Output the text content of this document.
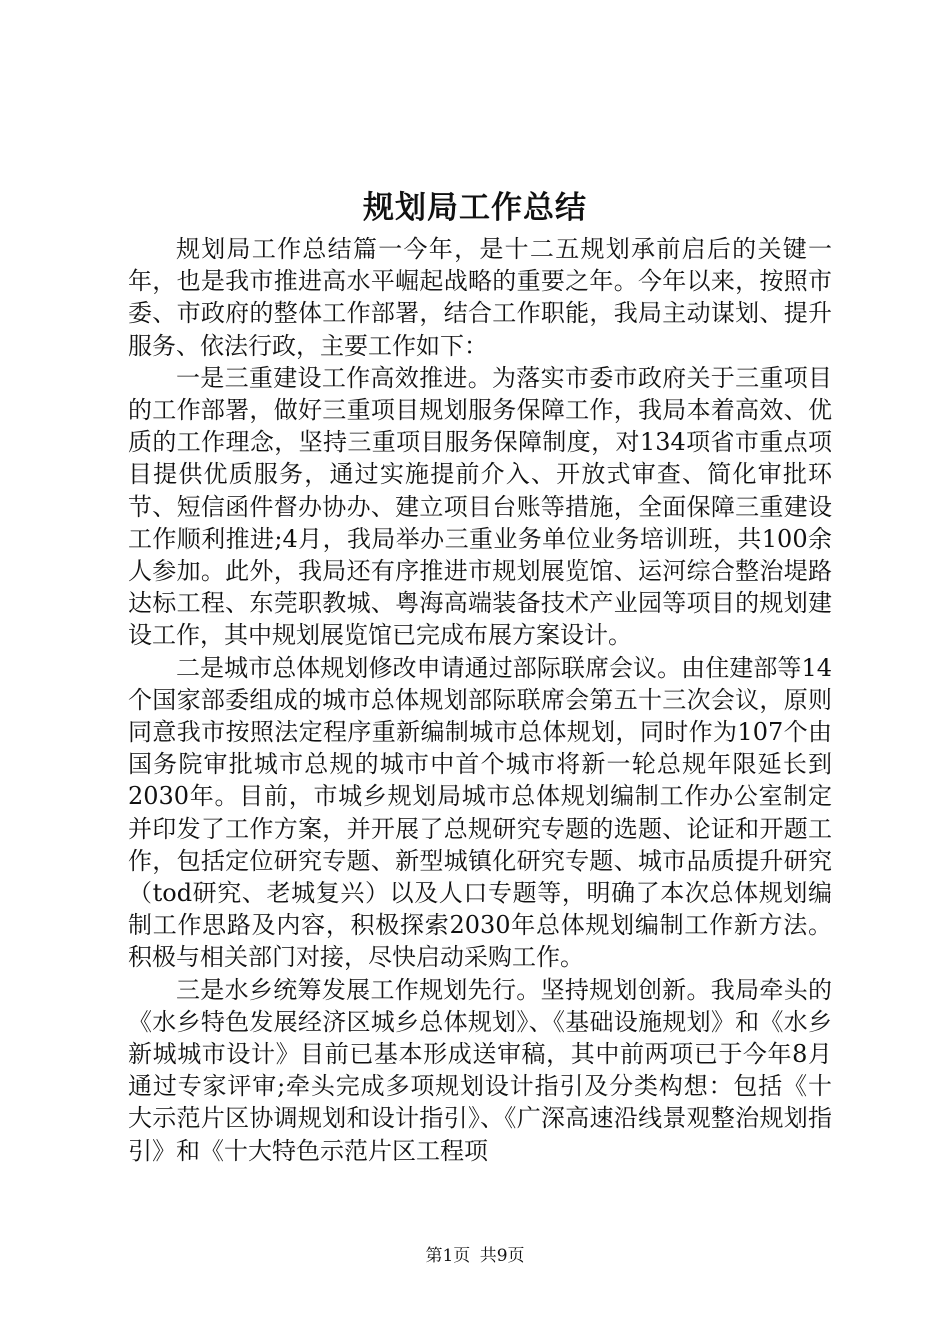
规划局工作总结

规划局工作总结篇一今年，是十二五规划承前启后的关键一年，也是我市推进高水平崛起战略的重要之年。今年以来，按照市委、市政府的整体工作部署，结合工作职能，我局主动谋划、提升服务、依法行政，主要工作如下：

一是三重建设工作高效推进。为落实市委市政府关于三重项目的工作部署，做好三重项目规划服务保障工作，我局本着高效、优质的工作理念，坚持三重项目服务保障制度，对134项省市重点项目提供优质服务，通过实施提前介入、开放式审查、简化审批环节、短信函件督办协办、建立项目台账等措施，全面保障三重建设工作顺利推进;4月，我局举办三重业务单位业务培训班，共100余人参加。此外，我局还有序推进市规划展览馆、运河综合整治堤路达标工程、东莞职教城、粤海高端装备技术产业园等项目的规划建设工作，其中规划展览馆已完成布展方案设计。

二是城市总体规划修改申请通过部际联席会议。由住建部等14个国家部委组成的城市总体规划部际联席会第五十三次会议，原则同意我市按照法定程序重新编制城市总体规划，同时作为107个由国务院审批城市总规的城市中首个城市将新一轮总规年限延长到2030年。目前，市城乡规划局城市总体规划编制工作办公室制定并印发了工作方案，并开展了总规研究专题的选题、论证和开题工作，包括定位研究专题、新型城镇化研究专题、城市品质提升研究（tod研究、老城复兴）以及人口专题等，明确了本次总体规划编制工作思路及内容，积极探索2030年总体规划编制工作新方法。积极与相关部门对接，尽快启动采购工作。

三是水乡统筹发展工作规划先行。坚持规划创新。我局牵头的《水乡特色发展经济区城乡总体规划》、《基础设施规划》和《水乡新城城市设计》目前已基本形成送审稿，其中前两项已于今年8月通过专家评审;牵头完成多项规划设计指引及分类构想：包括《十大示范片区协调规划和设计指引》、《广深高速沿线景观整治规划指引》和《十大特色示范片区工程项

第1页 共9页
